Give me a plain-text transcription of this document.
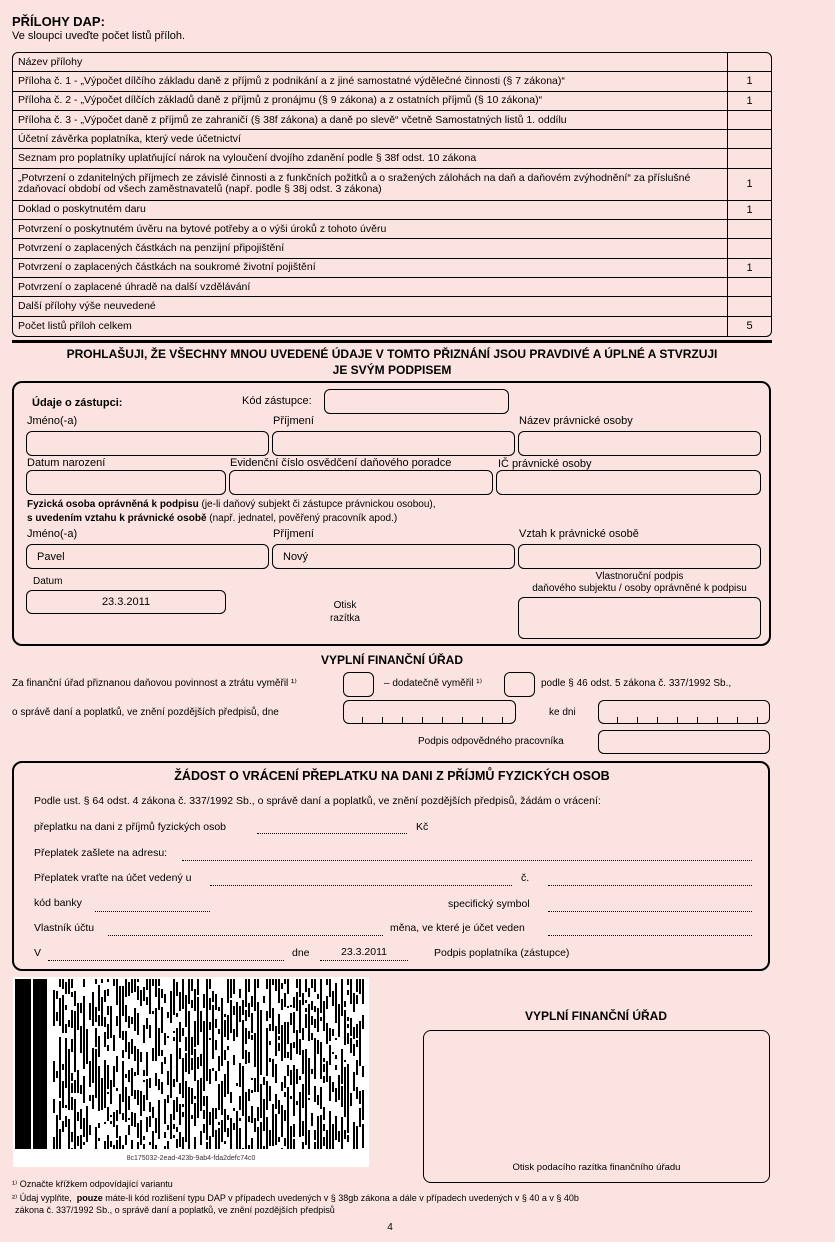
PŘÍLOHY DAP:
Ve sloupci uveďte počet listů příloh.
Název přílohy
Příloha č. 1 - „Výpočet dílčího základu daně z příjmů z podnikání a z jiné samostatné výdělečné činnosti (§ 7 zákona)“	1
Příloha č. 2 - „Výpočet dílčích základů daně z příjmů z pronájmu (§ 9 zákona) a z ostatních příjmů (§ 10 zákona)“	1
Příloha č. 3 - „Výpočet daně z příjmů ze zahraničí (§ 38f zákona) a daně po slevě“ včetně Samostatných listů 1. oddílu
Účetní závěrka poplatníka, který vede účetnictví
Seznam pro poplatníky uplatňující nárok na vyloučení dvojího zdanění podle § 38f odst. 10 zákona
„Potvrzení o zdanitelných příjmech ze závislé činnosti a z funkčních požitků a o sražených zálohách na daň a daňovém zvýhodnění“ za příslušné zdaňovací období od všech zaměstnavatelů (např. podle § 38j odst. 3 zákona)	1
Doklad o poskytnutém daru	1
Potvrzení o poskytnutém úvěru na bytové potřeby a o výši úroků z tohoto úvěru
Potvrzení o zaplacených částkách na penzijní připojištění
Potvrzení o zaplacených částkách na soukromé životní pojištění	1
Potvrzení o zaplacené úhradě na další vzdělávání
Další přílohy výše neuvedené
Počet listů příloh celkem	5
PROHLAŠUJI, ŽE VŠECHNY MNOU UVEDENÉ ÚDAJE V TOMTO PŘIZNÁNÍ JSOU PRAVDIVÉ A ÚPLNÉ A STVRZUJI
JE SVÝM PODPISEM
Údaje o zástupci:	Kód zástupce:
Jméno(-a)	Příjmení	Název právnické osoby
Datum narození	Evidenční číslo osvědčení daňového poradce	IČ právnické osoby
Fyzická osoba oprávněná k podpisu (je-li daňový subjekt či zástupce právnickou osobou),
s uvedením vztahu k právnické osobě (např. jednatel, pověřený pracovník apod.)
Jméno(-a)	Příjmení	Vztah k právnické osobě
Pavel	Nový
Datum
23.3.2011	Otisk
razítka
Vlastnoruční podpis
daňového subjektu / osoby oprávněné k podpisu
VYPLNÍ FINANČNÍ ÚŘAD
Za finanční úřad přiznanou daňovou povinnost a ztrátu vyměřil ¹⁾	– dodatečně vyměřil ¹⁾	podle § 46 odst. 5 zákona č. 337/1992 Sb.,
o správě daní a poplatků, ve znění pozdějších předpisů, dne	ke dni
Podpis odpovědného pracovníka
ŽÁDOST O VRÁCENÍ PŘEPLATKU NA DANI Z PŘÍJMŮ FYZICKÝCH OSOB
Podle ust. § 64 odst. 4 zákona č. 337/1992 Sb., o správě daní a poplatků, ve znění pozdějších předpisů, žádám o vrácení:
přeplatku na dani z příjmů fyzických osob	Kč
Přeplatek zašlete na adresu:
Přeplatek vraťte na účet vedený u	č.
kód banky	specifický symbol
Vlastník účtu	měna, ve které je účet veden
V	dne	23.3.2011	Podpis poplatníka (zástupce)
8c175032-2ead-423b-9ab4-fda2defc74c0
VYPLNÍ FINANČNÍ ÚŘAD
Otisk podacího razítka finančního úřadu
¹⁾ Označte křížkem odpovídající variantu
²⁾ Údaj vyplňte, pouze máte-li kód rozlišení typu DAP v případech uvedených v § 38gb zákona a dále v případech uvedených v § 40 a v § 40b
zákona č. 337/1992 Sb., o správě daní a poplatků, ve znění pozdějších předpisů
4
